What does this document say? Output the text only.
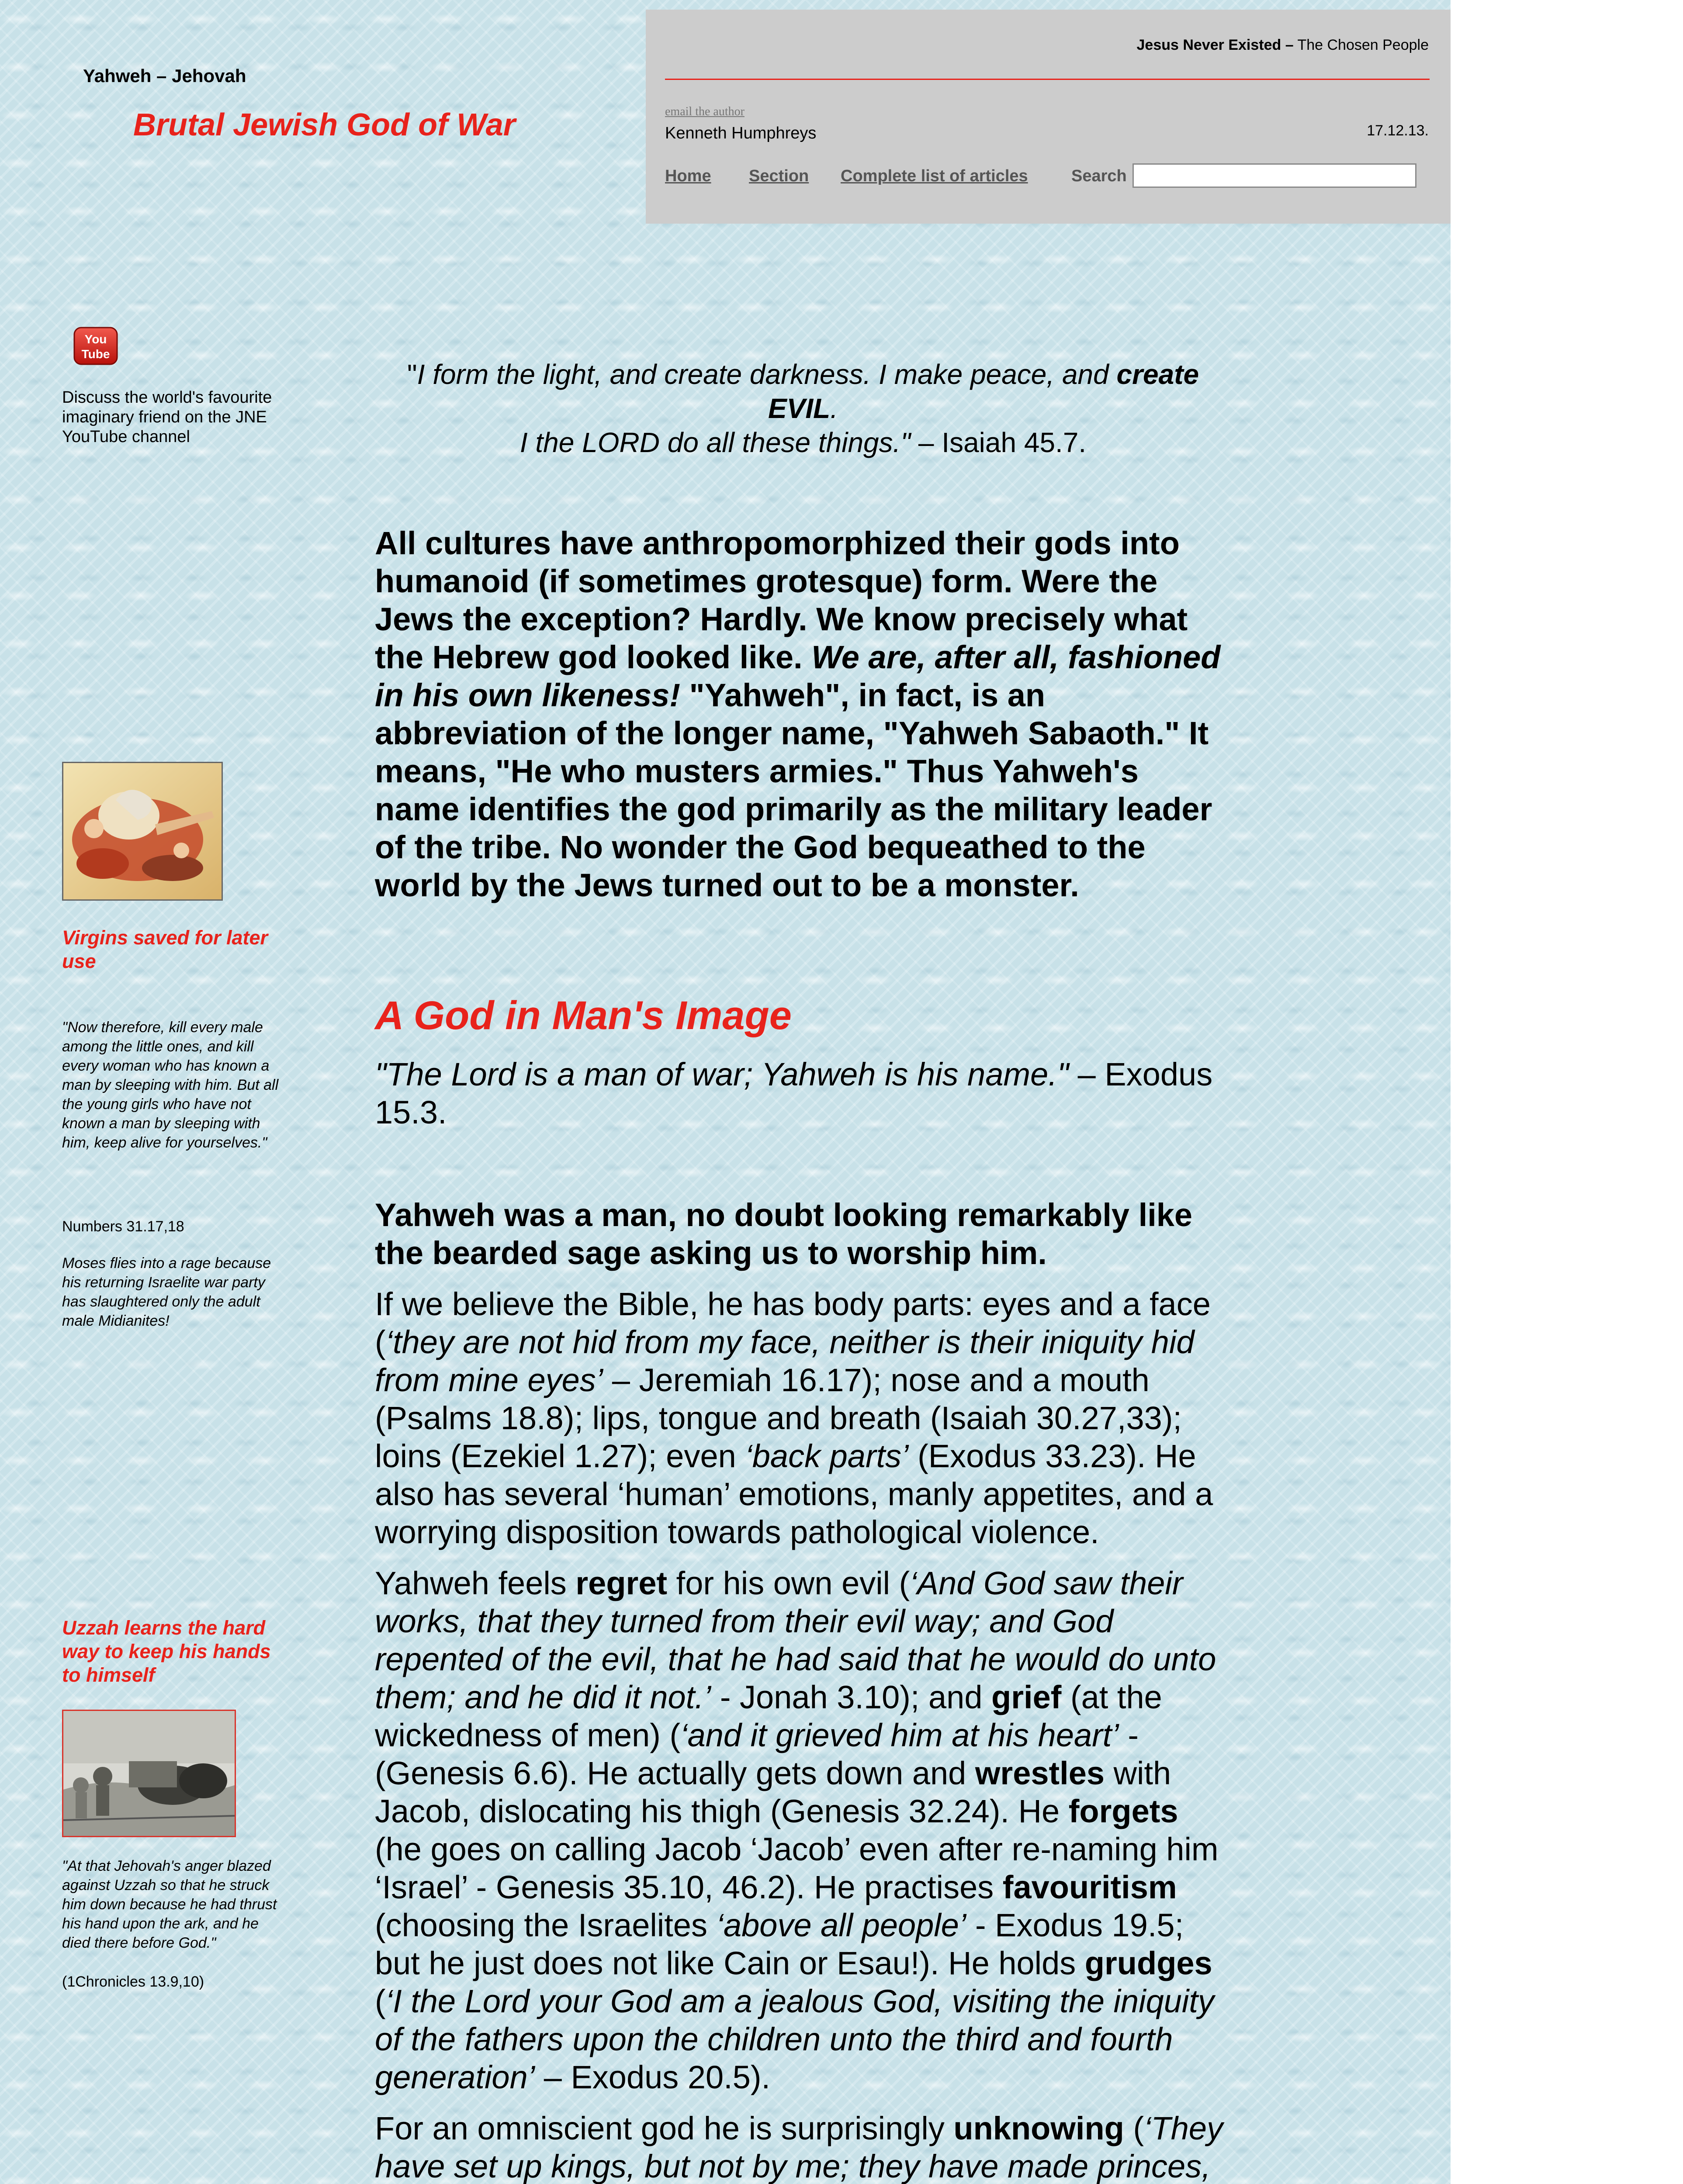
Yahweh – Jehovah
Brutal Jewish God of War
Jesus Never Existed – The Chosen People
email the author
Kenneth Humphreys	17.12.13.
Home Section Complete list of articles	Search
You
Tube
Discuss the world's favourite imaginary friend on the JNE YouTube channel
Virgins saved for later use
"Now therefore, kill every male among the little ones, and kill every woman who has known a man by sleeping with him. But all the young girls who have not known a man by sleeping with him, keep alive for yourselves."
Numbers 31.17,18
Moses flies into a rage because his returning Israelite war party has slaughtered only the adult male Midianites!
Uzzah learns the hard way to keep his hands to himself
"At that Jehovah's anger blazed against Uzzah so that he struck him down because he had thrust his hand upon the ark, and he died there before God."
(1Chronicles 13.9,10)
"I form the light, and create darkness. I make peace, and create EVIL.
I the LORD do all these things." – Isaiah 45.7.
All cultures have anthropomorphized their gods into humanoid (if sometimes grotesque) form. Were the Jews the exception? Hardly. We know precisely what the Hebrew god looked like. We are, after all, fashioned in his own likeness! "Yahweh", in fact, is an abbreviation of the longer name, "Yahweh Sabaoth." It means, "He who musters armies." Thus Yahweh's name identifies the god primarily as the military leader of the tribe. No wonder the God bequeathed to the world by the Jews turned out to be a monster.
A God in Man's Image
"The Lord is a man of war; Yahweh is his name." – Exodus 15.3.
Yahweh was a man, no doubt looking remarkably like the bearded sage asking us to worship him.
If we believe the Bible, he has body parts: eyes and a face (‘they are not hid from my face, neither is their iniquity hid from mine eyes’ – Jeremiah 16.17); nose and a mouth (Psalms 18.8); lips, tongue and breath (Isaiah 30.27,33); loins (Ezekiel 1.27); even ‘back parts’ (Exodus 33.23). He also has several ‘human’ emotions, manly appetites, and a worrying disposition towards pathological violence.
Yahweh feels regret for his own evil (‘And God saw their works, that they turned from their evil way; and God repented of the evil, that he had said that he would do unto them; and he did it not.’ - Jonah 3.10); and grief (at the wickedness of men) (‘and it grieved him at his heart’ - (Genesis 6.6). He actually gets down and wrestles with Jacob, dislocating his thigh (Genesis 32.24). He forgets (he goes on calling Jacob ‘Jacob’ even after re-naming him ‘Israel’ - Genesis 35.10, 46.2). He practises favouritism (choosing the Israelites ‘above all people’ - Exodus 19.5; but he just does not like Cain or Esau!). He holds grudges (‘I the Lord your God am a jealous God, visiting the iniquity of the fathers upon the children unto the third and fourth generation’ – Exodus 20.5).
For an omniscient god he is surprisingly unknowing (‘They have set up kings, but not by me; they have made princes,
